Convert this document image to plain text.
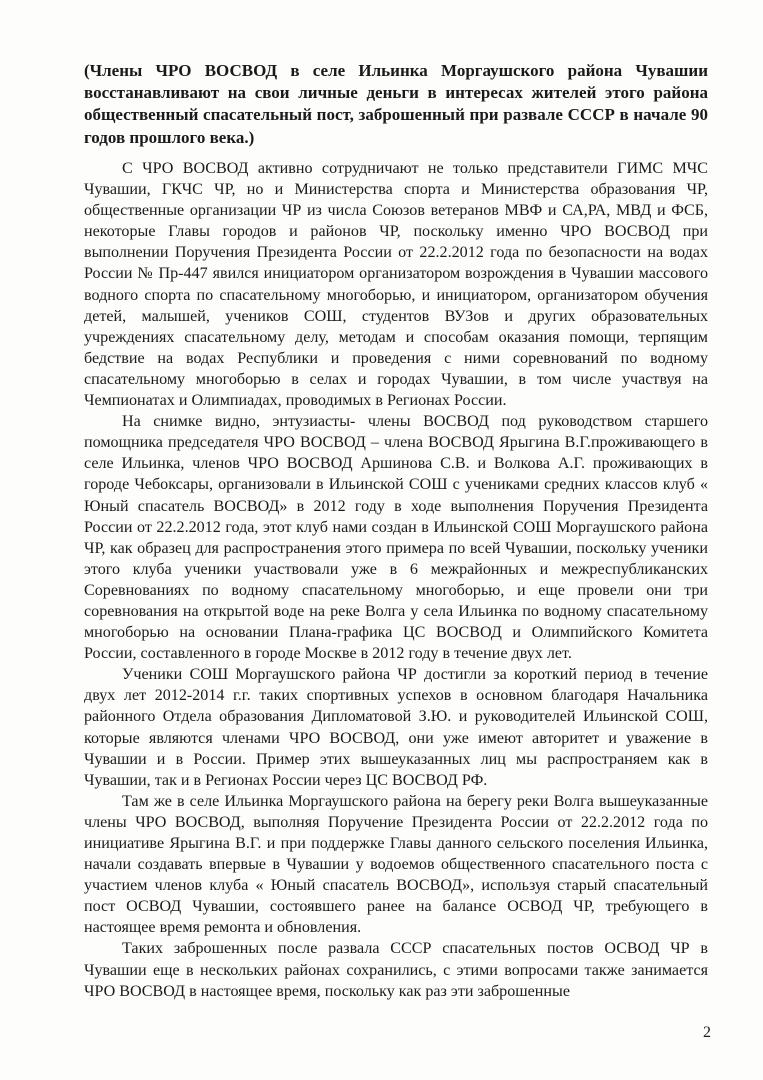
(Члены ЧРО ВОСВОД в селе Ильинка Моргаушского района Чувашии восстанавливают на свои личные деньги в интересах жителей этого района общественный спасательный пост, заброшенный при развале СССР в начале 90 годов прошлого века.)

С ЧРО ВОСВОД активно сотрудничают не только представители ГИМС МЧС Чувашии, ГКЧС ЧР, но и Министерства спорта и Министерства образования ЧР, общественные организации ЧР из числа Союзов ветеранов МВФ и СА,РА, МВД и ФСБ, некоторые Главы городов и районов ЧР, поскольку именно ЧРО ВОСВОД при выполнении Поручения Президента России от 22.2.2012 года по безопасности на водах России № Пр-447 явился инициатором организатором возрождения в Чувашии массового водного спорта по спасательному многоборью, и инициатором, организатором обучения детей, малышей, учеников СОШ, студентов ВУЗов и других образовательных учреждениях спасательному делу, методам и способам оказания помощи, терпящим бедствие на водах Республики и проведения с ними соревнований по водному спасательному многоборью в селах и городах Чувашии, в том числе участвуя на Чемпионатах и Олимпиадах, проводимых в Регионах России.

На снимке видно, энтузиасты- члены ВОСВОД под руководством старшего помощника председателя ЧРО ВОСВОД – члена ВОСВОД Ярыгина В.Г.проживающего в селе Ильинка, членов ЧРО ВОСВОД Аршинова С.В. и Волкова А.Г. проживающих в городе Чебоксары, организовали в Ильинской СОШ с учениками средних классов клуб « Юный спасатель ВОСВОД» в 2012 году в ходе выполнения Поручения Президента России от 22.2.2012 года, этот клуб нами создан в Ильинской СОШ Моргаушского района ЧР, как образец для распространения этого примера по всей Чувашии, поскольку ученики этого клуба ученики участвовали уже в 6 межрайонных и межреспубликанских Соревнованиях по водному спасательному многоборью, и еще провели они три соревнования на открытой воде на реке Волга у села Ильинка по водному спасательному многоборью на основании Плана-графика ЦС ВОСВОД и Олимпийского Комитета России, составленного в городе Москве в 2012 году в течение двух лет.

Ученики СОШ Моргаушского района ЧР достигли за короткий период в течение двух лет 2012-2014 г.г. таких спортивных успехов в основном благодаря Начальника районного Отдела образования Дипломатовой З.Ю. и руководителей Ильинской СОШ, которые являются членами ЧРО ВОСВОД, они уже имеют авторитет и уважение в Чувашии и в России. Пример этих вышеуказанных лиц мы распространяем как в Чувашии, так и в Регионах России через ЦС ВОСВОД РФ.

Там же в селе Ильинка Моргаушского района на берегу реки Волга вышеуказанные члены ЧРО ВОСВОД, выполняя Поручение Президента России от 22.2.2012 года по инициативе Ярыгина В.Г. и при поддержке Главы данного сельского поселения Ильинка, начали создавать впервые в Чувашии у водоемов общественного спасательного поста с участием членов клуба « Юный спасатель ВОСВОД», используя старый спасательный пост ОСВОД Чувашии, состоявшего ранее на балансе ОСВОД ЧР, требующего в настоящее время ремонта и обновления.

Таких заброшенных после развала СССР спасательных постов ОСВОД ЧР в Чувашии еще в нескольких районах сохранились, с этими вопросами также занимается ЧРО ВОСВОД в настоящее время, поскольку как раз эти заброшенные

2
